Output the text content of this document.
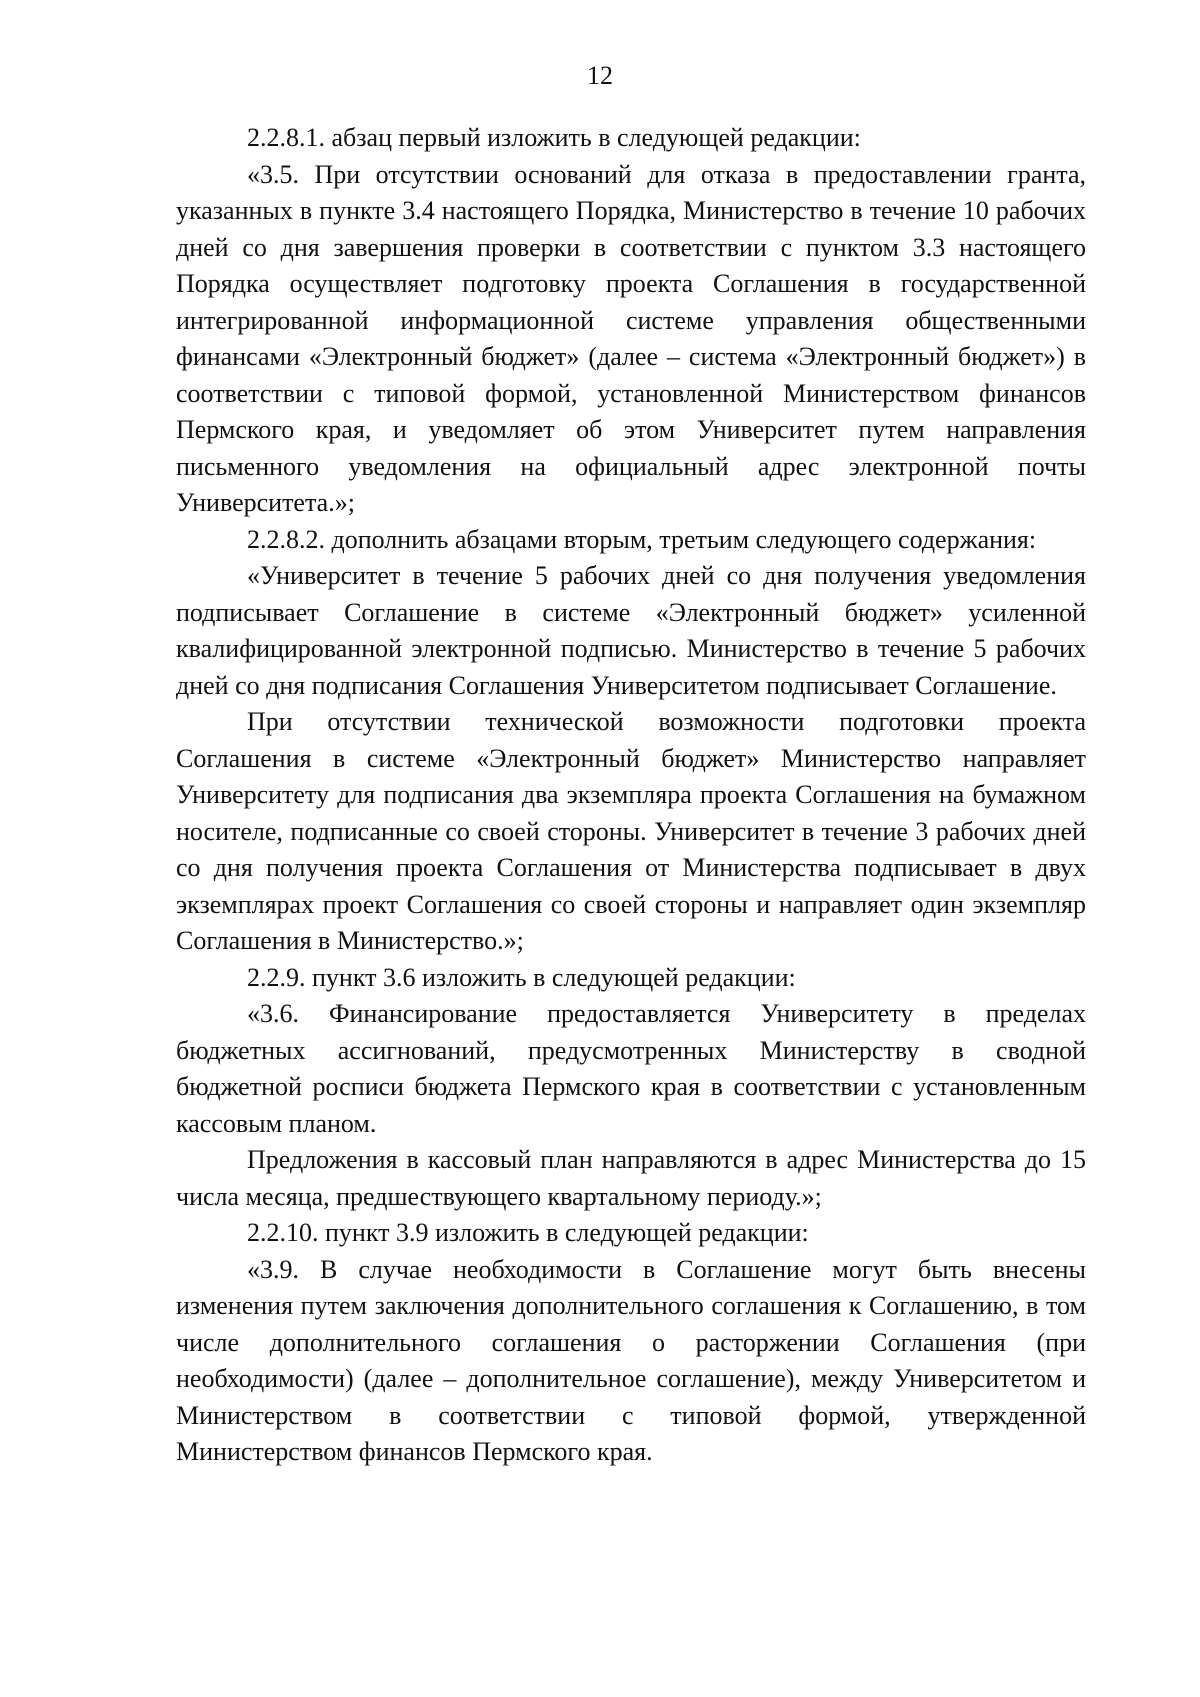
12

2.2.8.1. абзац первый изложить в следующей редакции:

«3.5. При отсутствии оснований для отказа в предоставлении гранта, указанных в пункте 3.4 настоящего Порядка, Министерство в течение 10 рабочих дней со дня завершения проверки в соответствии с пунктом 3.3 настоящего Порядка осуществляет подготовку проекта Соглашения в государственной интегрированной информационной системе управления общественными финансами «Электронный бюджет» (далее – система «Электронный бюджет») в соответствии с типовой формой, установленной Министерством финансов Пермского края, и уведомляет об этом Университет путем направления письменного уведомления на официальный адрес электронной почты Университета.»;

2.2.8.2. дополнить абзацами вторым, третьим следующего содержания:

«Университет в течение 5 рабочих дней со дня получения уведомления подписывает Соглашение в системе «Электронный бюджет» усиленной квалифицированной электронной подписью. Министерство в течение 5 рабочих дней со дня подписания Соглашения Университетом подписывает Соглашение.

При отсутствии технической возможности подготовки проекта Соглашения в системе «Электронный бюджет» Министерство направляет Университету для подписания два экземпляра проекта Соглашения на бумажном носителе, подписанные со своей стороны. Университет в течение 3 рабочих дней со дня получения проекта Соглашения от Министерства подписывает в двух экземплярах проект Соглашения со своей стороны и направляет один экземпляр Соглашения в Министерство.»;

2.2.9. пункт 3.6 изложить в следующей редакции:

«3.6. Финансирование предоставляется Университету в пределах бюджетных ассигнований, предусмотренных Министерству в сводной бюджетной росписи бюджета Пермского края в соответствии с установленным кассовым планом.

Предложения в кассовый план направляются в адрес Министерства до 15 числа месяца, предшествующего квартальному периоду.»;

2.2.10. пункт 3.9 изложить в следующей редакции:

«3.9. В случае необходимости в Соглашение могут быть внесены изменения путем заключения дополнительного соглашения к Соглашению, в том числе дополнительного соглашения о расторжении Соглашения (при необходимости) (далее – дополнительное соглашение), между Университетом и Министерством в соответствии с типовой формой, утвержденной Министерством финансов Пермского края.
